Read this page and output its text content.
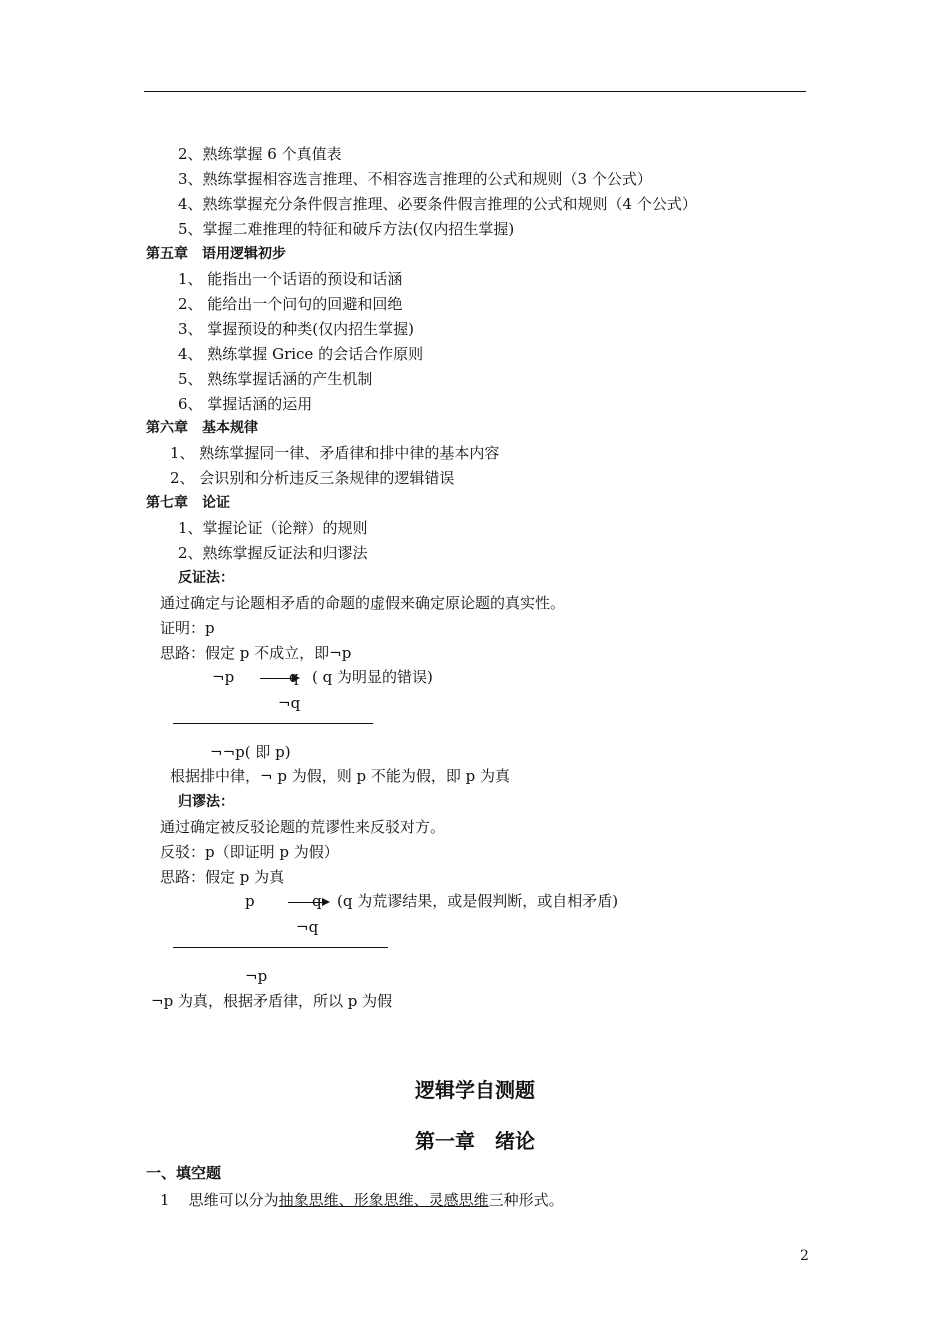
2、熟练掌握 6 个真值表
3、熟练掌握相容选言推理、不相容选言推理的公式和规则（3 个公式）
4、熟练掌握充分条件假言推理、必要条件假言推理的公式和规则（4 个公式）
5、掌握二难推理的特征和破斥方法(仅内招生掌握)
第五章　语用逻辑初步
1、 能指出一个话语的预设和话涵
2、 能给出一个问句的回避和回绝
3、 掌握预设的种类(仅内招生掌握)
4、 熟练掌握 Grice 的会话合作原则
5、 熟练掌握话涵的产生机制
6、 掌握话涵的运用
第六章　基本规律
1、 熟练掌握同一律、矛盾律和排中律的基本内容
2、 会识别和分析违反三条规律的逻辑错误
第七章　论证
1、掌握论证（论辩）的规则
2、熟练掌握反证法和归谬法
反证法：
通过确定与论题相矛盾的命题的虚假来确定原论题的真实性。
证明：p
思路：假定 p 不成立，即¬p
¬p	q ( q 为明显的错误)
¬q
¬¬p( 即 p)
根据排中律，¬ p 为假，则 p 不能为假，即 p 为真
归谬法：
通过确定被反驳论题的荒谬性来反驳对方。
反驳：p（即证明 p 为假）
思路：假定 p 为真
p	q (q 为荒谬结果，或是假判断，或自相矛盾)
¬q
¬p
¬p 为真，根据矛盾律，所以 p 为假
逻辑学自测题
第一章　绪论
一、填空题
1 思维可以分为抽象思维、形象思维、灵感思维三种形式。
2
